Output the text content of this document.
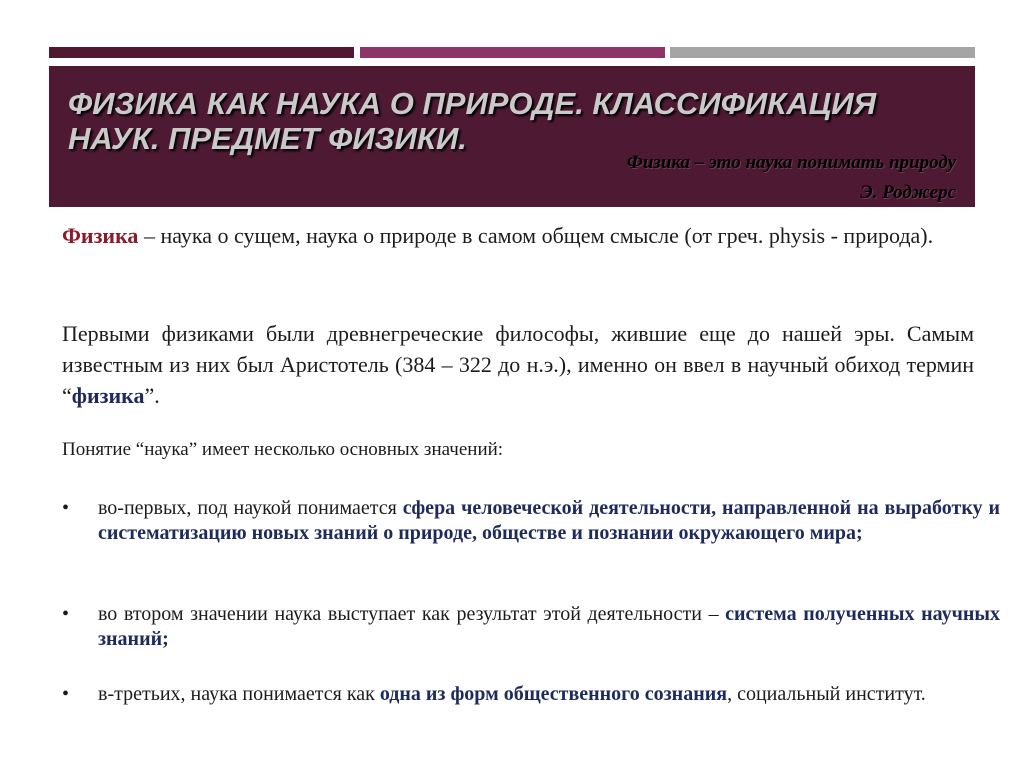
ФИЗИКА КАК НАУКА О ПРИРОДЕ. КЛАССИФИКАЦИЯ НАУК. ПРЕДМЕТ ФИЗИКИ.
Физика – это наука понимать природу
Э. Роджерс

Физика – наука о сущем, наука о природе в самом общем смысле (от греч. physis - природа).

Первыми физиками были древнегреческие философы, жившие еще до нашей эры. Самым известным из них был Аристотель (384 – 322 до н.э.), именно он ввел в научный обиход термин “физика”.

Понятие “наука” имеет несколько основных значений:

• во-первых, под наукой понимается сфера человеческой деятельности, направленной на выработку и систематизацию новых знаний о природе, обществе и познании окружающего мира;

• во втором значении наука выступает как результат этой деятельности – система полученных научных знаний;

• в-третьих, наука понимается как одна из форм общественного сознания, социальный институт.
